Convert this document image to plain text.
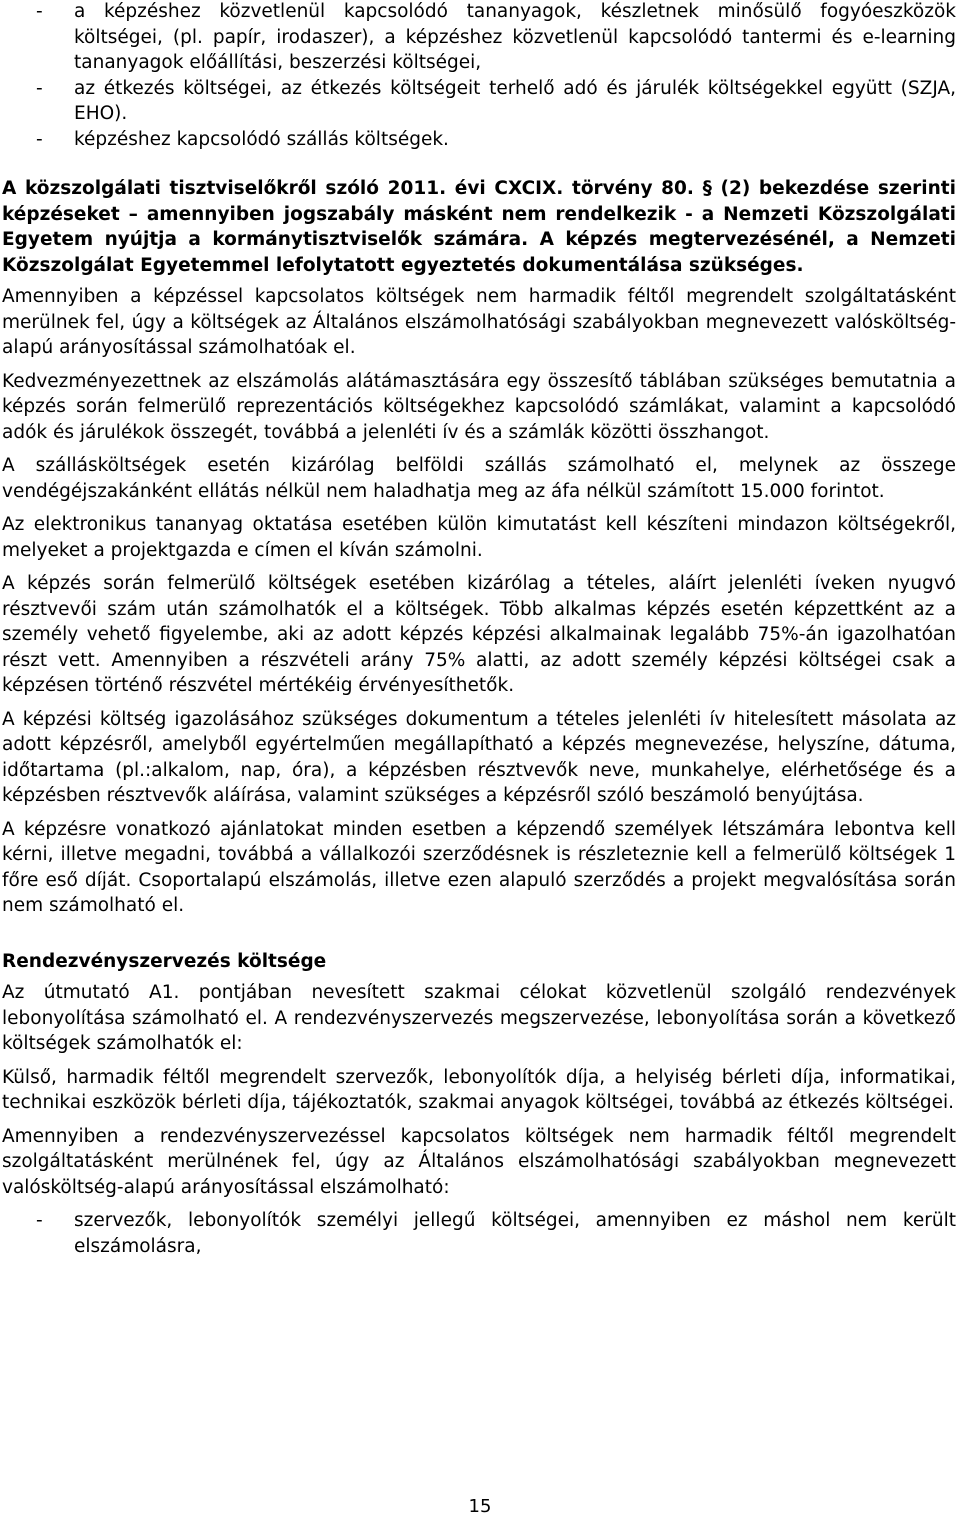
- a képzéshez közvetlenül kapcsolódó tananyagok, készletnek minősülő fogyóeszközök költségei, (pl. papír, irodaszer), a képzéshez közvetlenül kapcsolódó tantermi és e-learning tananyagok előállítási, beszerzési költségei,
- az étkezés költségei, az étkezés költségeit terhelő adó és járulék költségekkel együtt (SZJA, EHO).
- képzéshez kapcsolódó szállás költségek.

A közszolgálati tisztviselőkről szóló 2011. évi CXCIX. törvény 80. § (2) bekezdése szerinti képzéseket – amennyiben jogszabály másként nem rendelkezik - a Nemzeti Közszolgálati Egyetem nyújtja a kormánytisztviselők számára. A képzés megtervezésénél, a Nemzeti Közszolgálat Egyetemmel lefolytatott egyeztetés dokumentálása szükséges.

Amennyiben a képzéssel kapcsolatos költségek nem harmadik féltől megrendelt szolgáltatásként merülnek fel, úgy a költségek az Általános elszámolhatósági szabályokban megnevezett valósköltség-alapú arányosítással számolhatóak el.

Kedvezményezettnek az elszámolás alátámasztására egy összesítő táblában szükséges bemutatnia a képzés során felmerülő reprezentációs költségekhez kapcsolódó számlákat, valamint a kapcsolódó adók és járulékok összegét, továbbá a jelenléti ív és a számlák közötti összhangot.

A szállásköltségek esetén kizárólag belföldi szállás számolható el, melynek az összege vendégéjszakánként ellátás nélkül nem haladhatja meg az áfa nélkül számított 15.000 forintot.

Az elektronikus tananyag oktatása esetében külön kimutatást kell készíteni mindazon költségekről, melyeket a projektgazda e címen el kíván számolni.

A képzés során felmerülő költségek esetében kizárólag a tételes, aláírt jelenléti íveken nyugvó résztvevői szám után számolhatók el a költségek. Több alkalmas képzés esetén képzettként az a személy vehető figyelembe, aki az adott képzés képzési alkalmainak legalább 75%-án igazolhatóan részt vett. Amennyiben a részvételi arány 75% alatti, az adott személy képzési költségei csak a képzésen történő részvétel mértékéig érvényesíthetők.

A képzési költség igazolásához szükséges dokumentum a tételes jelenléti ív hitelesített másolata az adott képzésről, amelyből egyértelműen megállapítható a képzés megnevezése, helyszíne, dátuma, időtartama (pl.:alkalom, nap, óra), a képzésben résztvevők neve, munkahelye, elérhetősége és a képzésben résztvevők aláírása, valamint szükséges a képzésről szóló beszámoló benyújtása.

A képzésre vonatkozó ajánlatokat minden esetben a képzendő személyek létszámára lebontva kell kérni, illetve megadni, továbbá a vállalkozói szerződésnek is részleteznie kell a felmerülő költségek 1 főre eső díját. Csoportalapú elszámolás, illetve ezen alapuló szerződés a projekt megvalósítása során nem számolható el.

Rendezvényszervezés költsége

Az útmutató A1. pontjában nevesített szakmai célokat közvetlenül szolgáló rendezvények lebonyolítása számolható el. A rendezvényszervezés megszervezése, lebonyolítása során a következő költségek számolhatók el:

Külső, harmadik féltől megrendelt szervezők, lebonyolítók díja, a helyiség bérleti díja, informatikai, technikai eszközök bérleti díja, tájékoztatók, szakmai anyagok költségei, továbbá az étkezés költségei.

Amennyiben a rendezvényszervezéssel kapcsolatos költségek nem harmadik féltől megrendelt szolgáltatásként merülnének fel, úgy az Általános elszámolhatósági szabályokban megnevezett valósköltség-alapú arányosítással elszámolható:

- szervezők, lebonyolítók személyi jellegű költségei, amennyiben ez máshol nem került elszámolásra,
15
